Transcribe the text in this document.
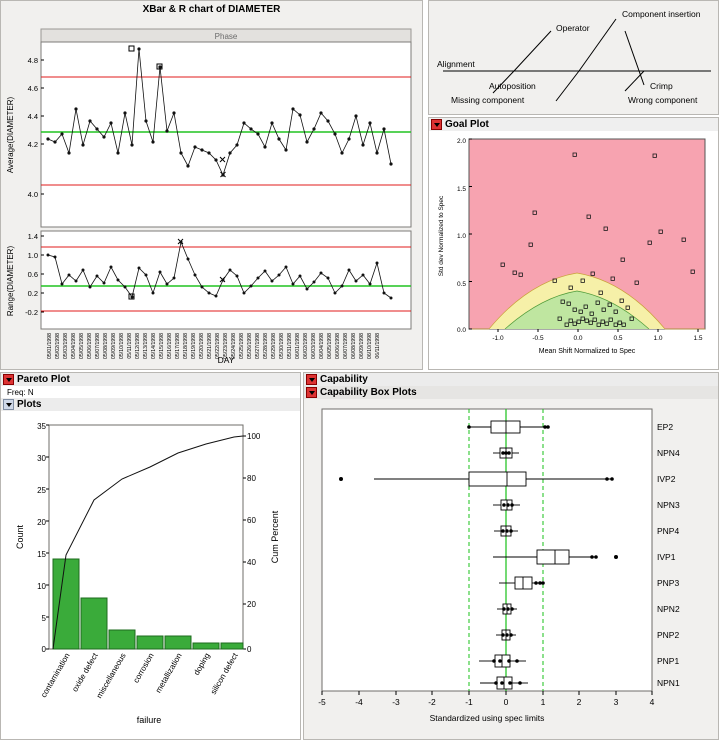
XBar & R chart of DIAMETER
Phase
4.8
4.6
4.4
4.2
4.0
Average(DIAMETER)
1.4
1.0
0.6
0.2
-0.2
Range(DIAMETER)
05/01/1998 05/02/1998 05/03/1998 05/04/1998 05/05/1998 05/06/1998 05/07/1998 05/08/1998 05/09/1998 05/10/1998 05/11/1998 05/12/1998 05/13/1998 05/14/1998 05/15/1998 05/16/1998 05/17/1998 05/18/1998 05/19/1998 05/20/1998 05/21/1998 05/22/1998 05/23/1998 05/24/1998 05/25/1998 05/26/1998 05/27/1998 05/28/1998 05/29/1998 05/30/1998 05/31/1998 06/01/1998 06/02/1998 06/03/1998 06/04/1998 06/05/1998 06/06/1998 06/07/1998 06/08/1998 06/09/1998 06/10/1998 06/11/1998
DAY
Component insertion
Operator
Alignment
Autoposition
Missing component
Crimp
Wrong component
Goal Plot
2.0
1.5
1.0
0.5
0.0
-1.0	-0.5	0.0	0.5	1.0	1.5
Std dev Normalized to Spec
Mean Shift Normalized to Spec
Pareto Plot
Freq: N
Plots
35
30
25
20
15
10
5
0
Count
100
80
60
40
20
0
Cum Percent
contamination
oxide defect
miscellaneous corrosion
metallization doping
silicon defect
failure
Capability
Capability Box Plots
EP2
NPN4
IVP2
NPN3
PNP4
IVP1
PNP3
NPN2
PNP2
PNP1
NPN1
-5	-4	-3	-2	-1	0	1	2	3	4
Standardized using spec limits
